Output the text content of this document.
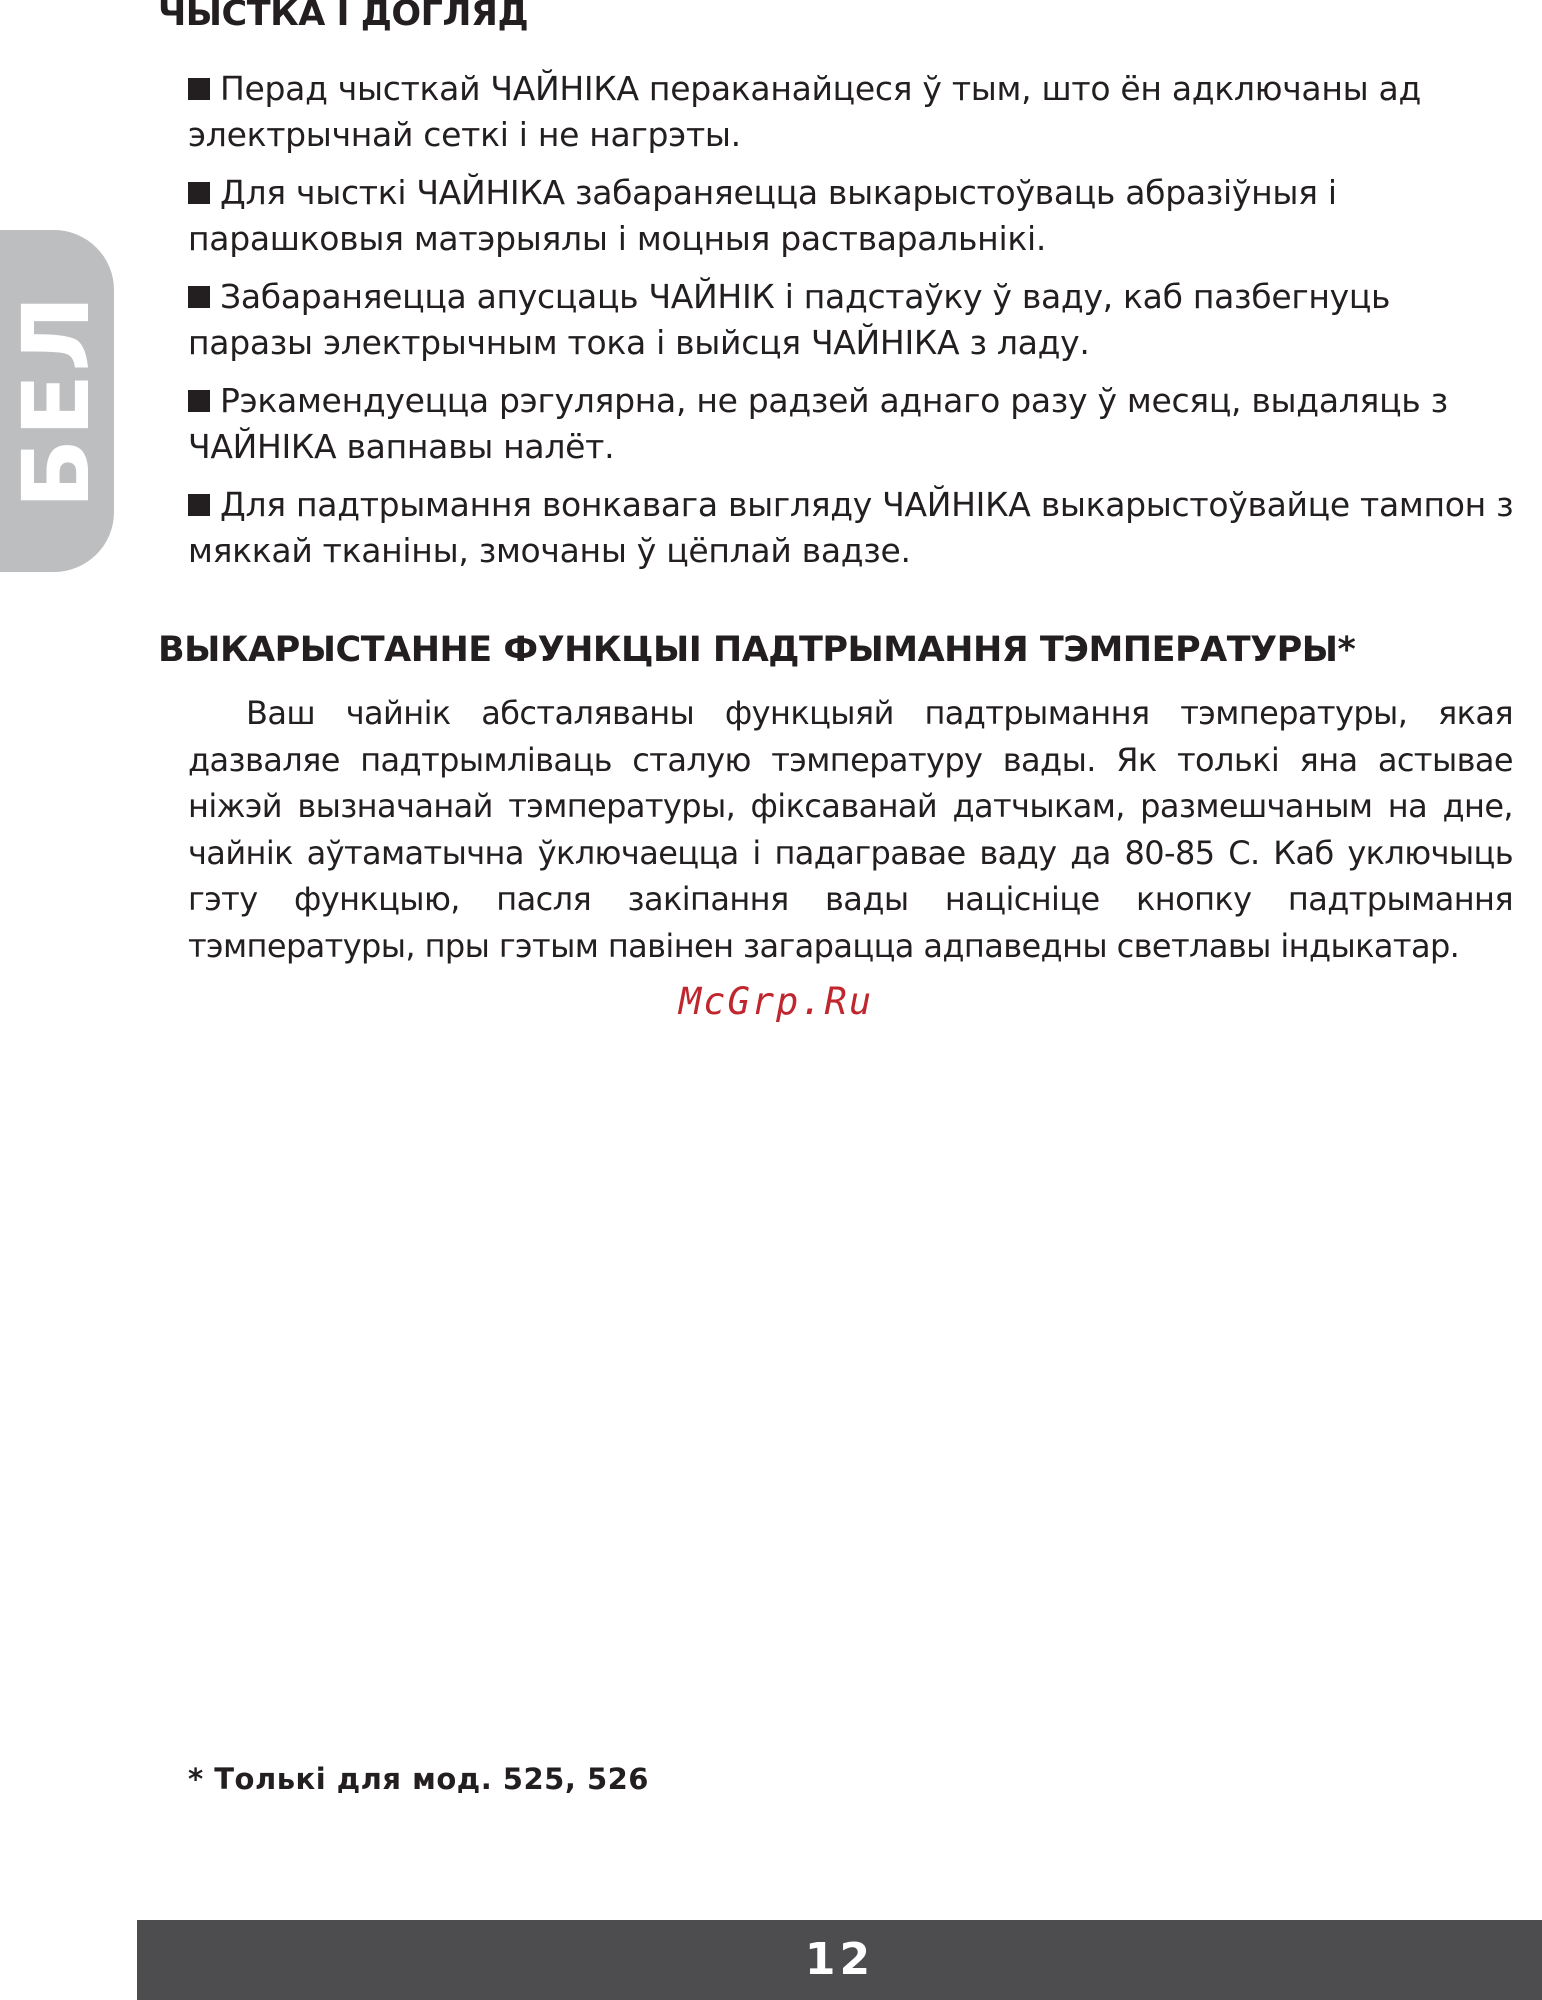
БЕЛ
ЧЫСТКА І ДОГЛЯД
Перад чысткай ЧАЙНІКА пераканайцеся ў тым, што ён адключаны ад электрычнай сеткі і не нагрэты.
Для чысткі ЧАЙНІКА забараняецца выкарыстоўваць абразіўныя і парашковыя матэрыялы і моцныя растваральнікі.
Забараняецца апусцаць ЧАЙНІК і падстаўку ў ваду, каб пазбегнуць паразы электрычным тока і выйсця ЧАЙНІКА з ладу.
Рэкамендуецца рэгулярна, не радзей аднаго разу ў месяц, выдаляць з ЧАЙНІКА вапнавы налёт.
Для падтрымання вонкавага выгляду ЧАЙНІКА выкарыстоўвайце тампон з мяккай тканіны, змочаны ў цёплай вадзе.
ВЫКАРЫСТАННЕ ФУНКЦЫІ ПАДТРЫМАННЯ ТЭМПЕРАТУРЫ*

Ваш чайнік абсталяваны функцыяй падтрымання тэмпературы, якая дазваляе падтрымліваць сталую тэмпературу вады. Як толькі яна астывае ніжэй вызначанай тэмпературы, фіксаванай датчыкам, размешчаным на дне, чайнік аўтаматычна ўключаецца і падагравае ваду да 80-85 С. Каб уключыць гэту функцыю, пасля закіпання вады націсніце кнопку падтрымання тэмпературы, пры гэтым павінен загарацца адпаведны светлавы індыкатар.

McGrp.Ru
* Толькі для мод. 525, 526
12
